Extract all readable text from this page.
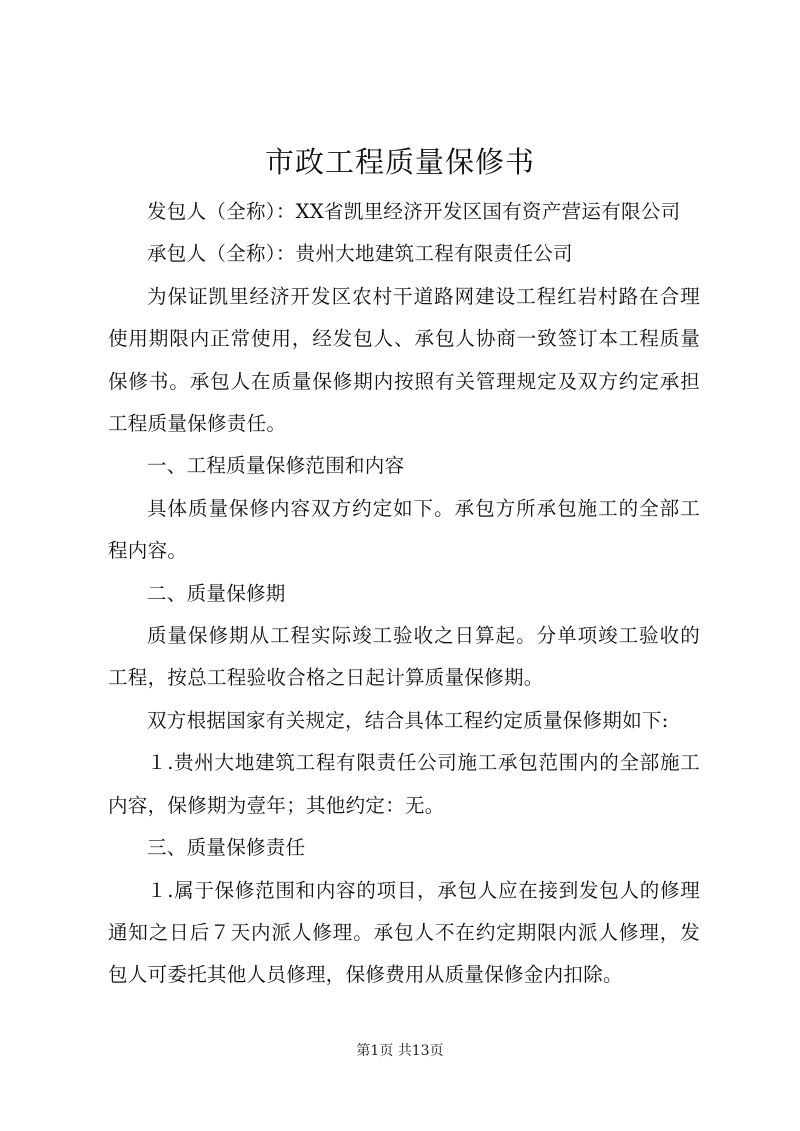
市政工程质量保修书

发包人（全称）：XX省凯里经济开发区国有资产营运有限公司

承包人（全称）：贵州大地建筑工程有限责任公司

为保证凯里经济开发区农村干道路网建设工程红岩村路在合理使用期限内正常使用，经发包人、承包人协商一致签订本工程质量保修书。承包人在质量保修期内按照有关管理规定及双方约定承担工程质量保修责任。

一、工程质量保修范围和内容

具体质量保修内容双方约定如下。承包方所承包施工的全部工程内容。

二、质量保修期

质量保修期从工程实际竣工验收之日算起。分单项竣工验收的工程，按总工程验收合格之日起计算质量保修期。

双方根据国家有关规定，结合具体工程约定质量保修期如下:

１.贵州大地建筑工程有限责任公司施工承包范围内的全部施工内容，保修期为壹年；其他约定：无。

三、质量保修责任

１.属于保修范围和内容的项目，承包人应在接到发包人的修理通知之日后７天内派人修理。承包人不在约定期限内派人修理，发包人可委托其他人员修理，保修费用从质量保修金内扣除。

第1页 共13页
